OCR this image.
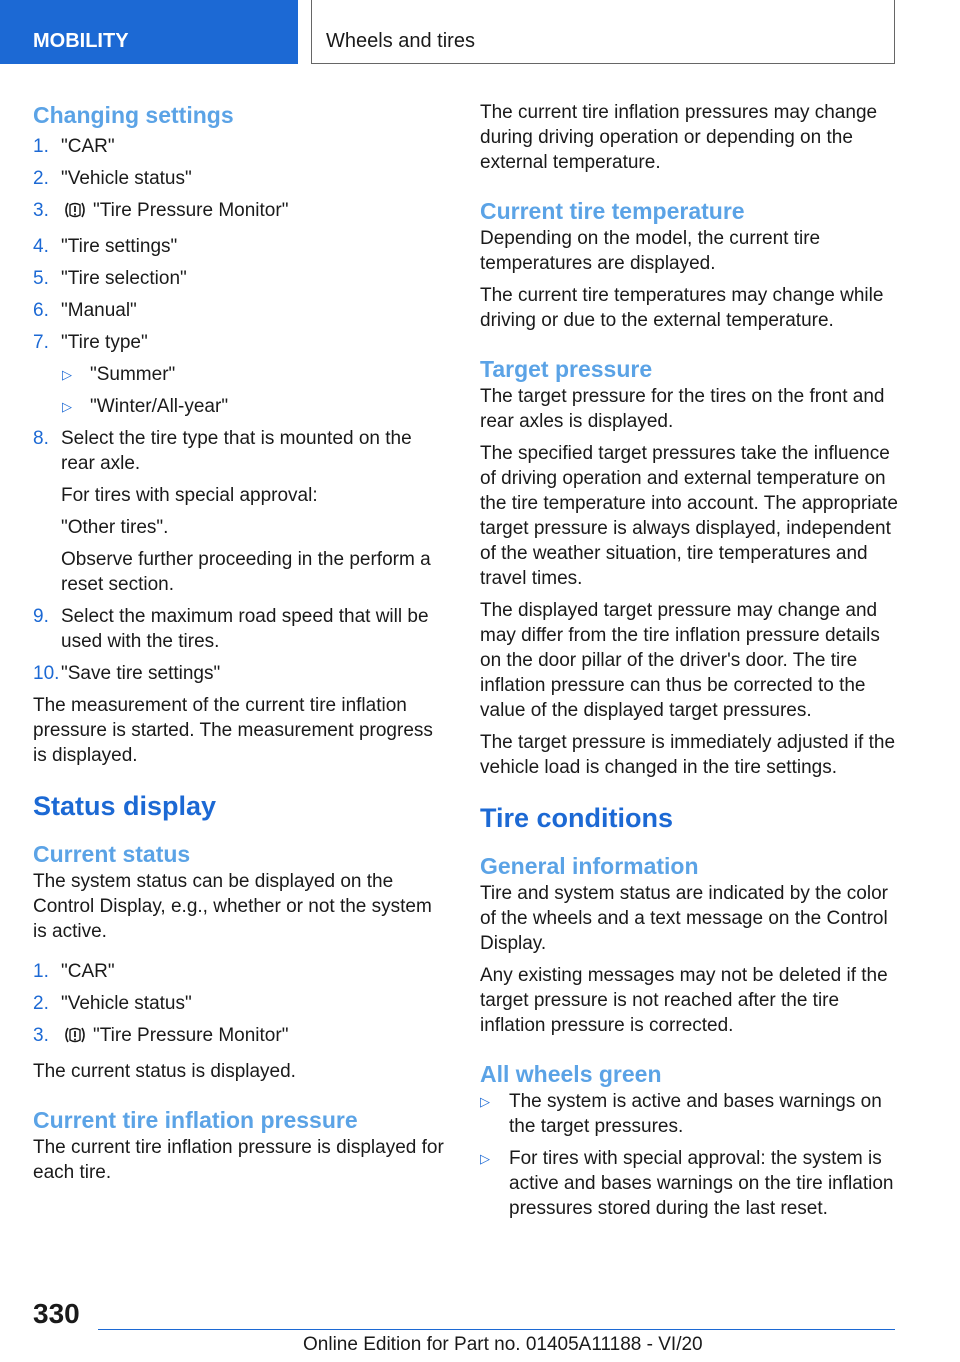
MOBILITY	Wheels and tires
Changing settings
1. "CAR"
2. "Vehicle status"
3. "Tire Pressure Monitor"
4. "Tire settings"
5. "Tire selection"
6. "Manual"
7. "Tire type"
▷ "Summer"
▷ "Winter/All-year"
8. Select the tire type that is mounted on the rear axle.
For tires with special approval:
"Other tires".
Observe further proceeding in the perform a reset section.
9. Select the maximum road speed that will be used with the tires.
10. "Save tire settings"

The measurement of the current tire inflation pressure is started. The measurement progress is displayed.

Status display
Current status

The system status can be displayed on the Control Display, e.g., whether or not the system is active.

1. "CAR"
2. "Vehicle status"
3. "Tire Pressure Monitor"

The current status is displayed.

Current tire inflation pressure

The current tire inflation pressure is displayed for each tire.

The current tire inflation pressures may change during driving operation or depending on the external temperature.

Current tire temperature

Depending on the model, the current tire temperatures are displayed.

The current tire temperatures may change while driving or due to the external temperature.

Target pressure

The target pressure for the tires on the front and rear axles is displayed.

The specified target pressures take the influence of driving operation and external temperature on the tire temperature into account. The appropriate target pressure is always displayed, independent of the weather situation, tire temperatures and travel times.

The displayed target pressure may change and may differ from the tire inflation pressure details on the door pillar of the driver's door. The tire inflation pressure can thus be corrected to the value of the displayed target pressures.

The target pressure is immediately adjusted if the vehicle load is changed in the tire settings.

Tire conditions
General information

Tire and system status are indicated by the color of the wheels and a text message on the Control Display.

Any existing messages may not be deleted if the target pressure is not reached after the tire inflation pressure is corrected.

All wheels green
▷ The system is active and bases warnings on the target pressures.
▷ For tires with special approval: the system is active and bases warnings on the tire inflation pressures stored during the last reset.
330
Online Edition for Part no. 01405A11188 - VI/20
